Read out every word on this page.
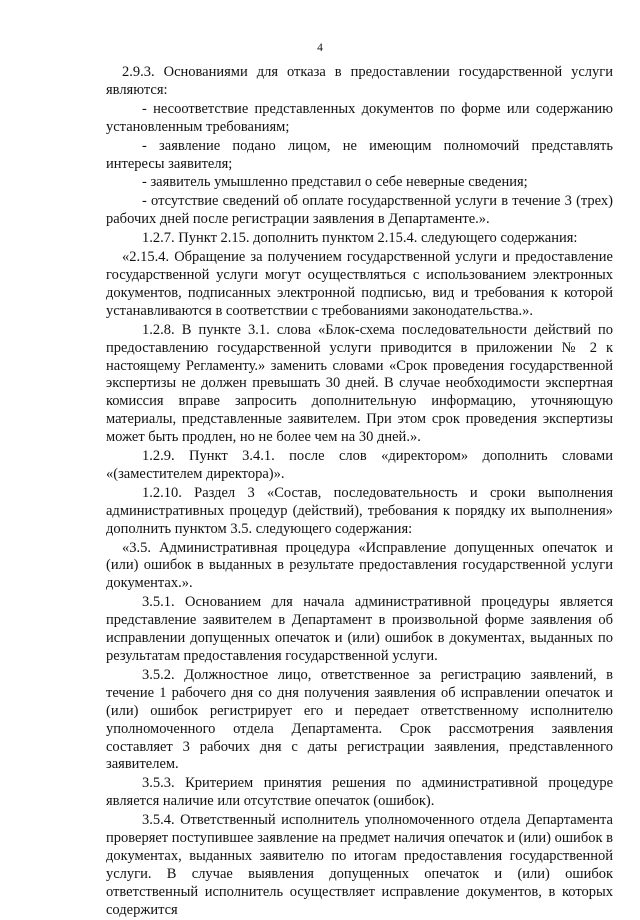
4

2.9.3. Основаниями для отказа в предоставлении государственной услуги являются:

- несоответствие представленных документов по форме или содержанию установленным требованиям;

- заявление подано лицом, не имеющим полномочий представлять интересы заявителя;

- заявитель умышленно представил о себе неверные сведения;

- отсутствие сведений об оплате государственной услуги в течение 3 (трех) рабочих дней после регистрации заявления в Департаменте.».

1.2.7. Пункт 2.15. дополнить пунктом 2.15.4. следующего содержания:

«2.15.4. Обращение за получением государственной услуги и предоставление государственной услуги могут осуществляться с использованием электронных документов, подписанных электронной подписью, вид и требования к которой устанавливаются в соответствии с требованиями законодательства.».

1.2.8. В пункте 3.1. слова «Блок-схема последовательности действий по предоставлению государственной услуги приводится в приложении № 2 к настоящему Регламенту.» заменить словами «Срок проведения государственной экспертизы не должен превышать 30 дней. В случае необходимости экспертная комиссия вправе запросить дополнительную информацию, уточняющую материалы, представленные заявителем. При этом срок проведения экспертизы может быть продлен, но не более чем на 30 дней.».

1.2.9. Пункт 3.4.1. после слов «директором» дополнить словами «(заместителем директора)».

1.2.10. Раздел 3 «Состав, последовательность и сроки выполнения административных процедур (действий), требования к порядку их выполнения» дополнить пунктом 3.5. следующего содержания:

«3.5. Административная процедура «Исправление допущенных опечаток и (или) ошибок в выданных в результате предоставления государственной услуги документах.».

3.5.1. Основанием для начала административной процедуры является представление заявителем в Департамент в произвольной форме заявления об исправлении допущенных опечаток и (или) ошибок в документах, выданных по результатам предоставления государственной услуги.

3.5.2. Должностное лицо, ответственное за регистрацию заявлений, в течение 1 рабочего дня со дня получения заявления об исправлении опечаток и (или) ошибок регистрирует его и передает ответственному исполнителю уполномоченного отдела Департамента. Срок рассмотрения заявления составляет 3 рабочих дня с даты регистрации заявления, представленного заявителем.

3.5.3. Критерием принятия решения по административной процедуре является наличие или отсутствие опечаток (ошибок).

3.5.4. Ответственный исполнитель уполномоченного отдела Департамента проверяет поступившее заявление на предмет наличия опечаток и (или) ошибок в документах, выданных заявителю по итогам предоставления государственной услуги. В случае выявления допущенных опечаток и (или) ошибок ответственный исполнитель осуществляет исправление документов, в которых содержится
